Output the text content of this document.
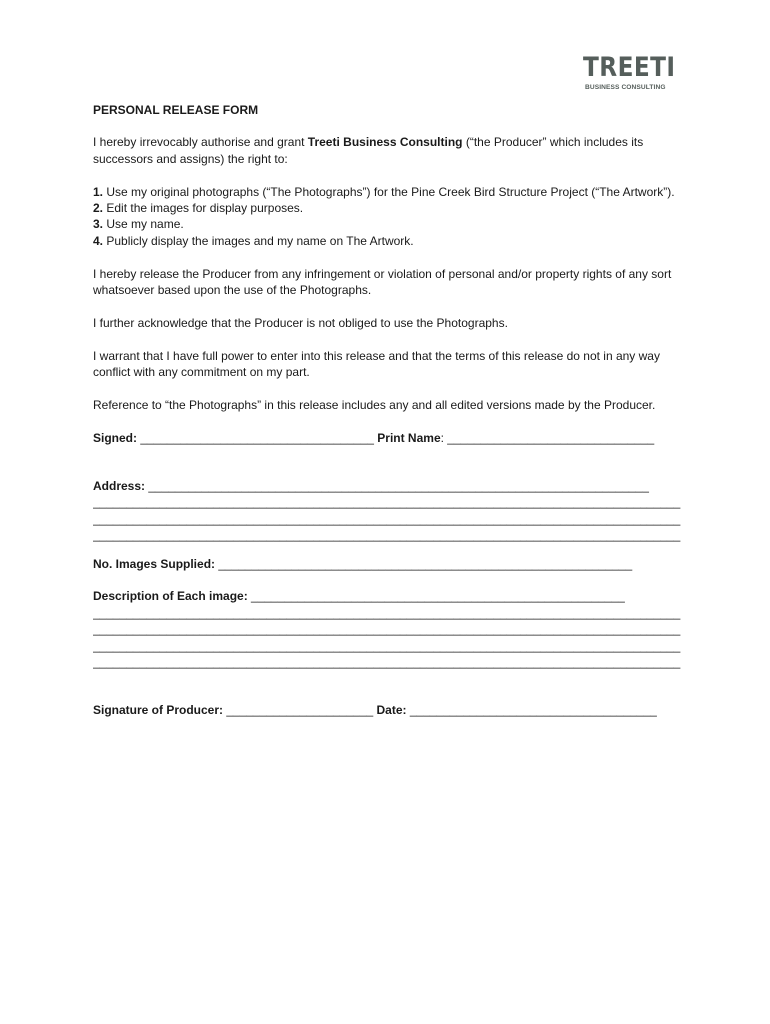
TREETI
BUSINESS CONSULTING
PERSONAL RELEASE FORM

I hereby irrevocably authorise and grant Treeti Business Consulting (“the Producer” which includes its successors and assigns) the right to:

1. Use my original photographs (“The Photographs”) for the Pine Creek Bird Structure Project (“The Artwork”).
2. Edit the images for display purposes.
3. Use my name.
4. Publicly display the images and my name on The Artwork.

I hereby release the Producer from any infringement or violation of personal and/or property rights of any sort whatsoever based upon the use of the Photographs.

I further acknowledge that the Producer is not obliged to use the Photographs.

I warrant that I have full power to enter into this release and that the terms of this release do not in any way conflict with any commitment on my part.

Reference to “the Photographs” in this release includes any and all edited versions made by the Producer.

Signed: ___________________________________ Print Name: _______________________________
Address: ___________________________________________________________________________
________________________________________________________________________________________
________________________________________________________________________________________
________________________________________________________________________________________
No. Images Supplied: ______________________________________________________________
Description of Each image: ________________________________________________________
________________________________________________________________________________________
________________________________________________________________________________________
________________________________________________________________________________________
________________________________________________________________________________________
Signature of Producer: ______________________ Date: _____________________________________
